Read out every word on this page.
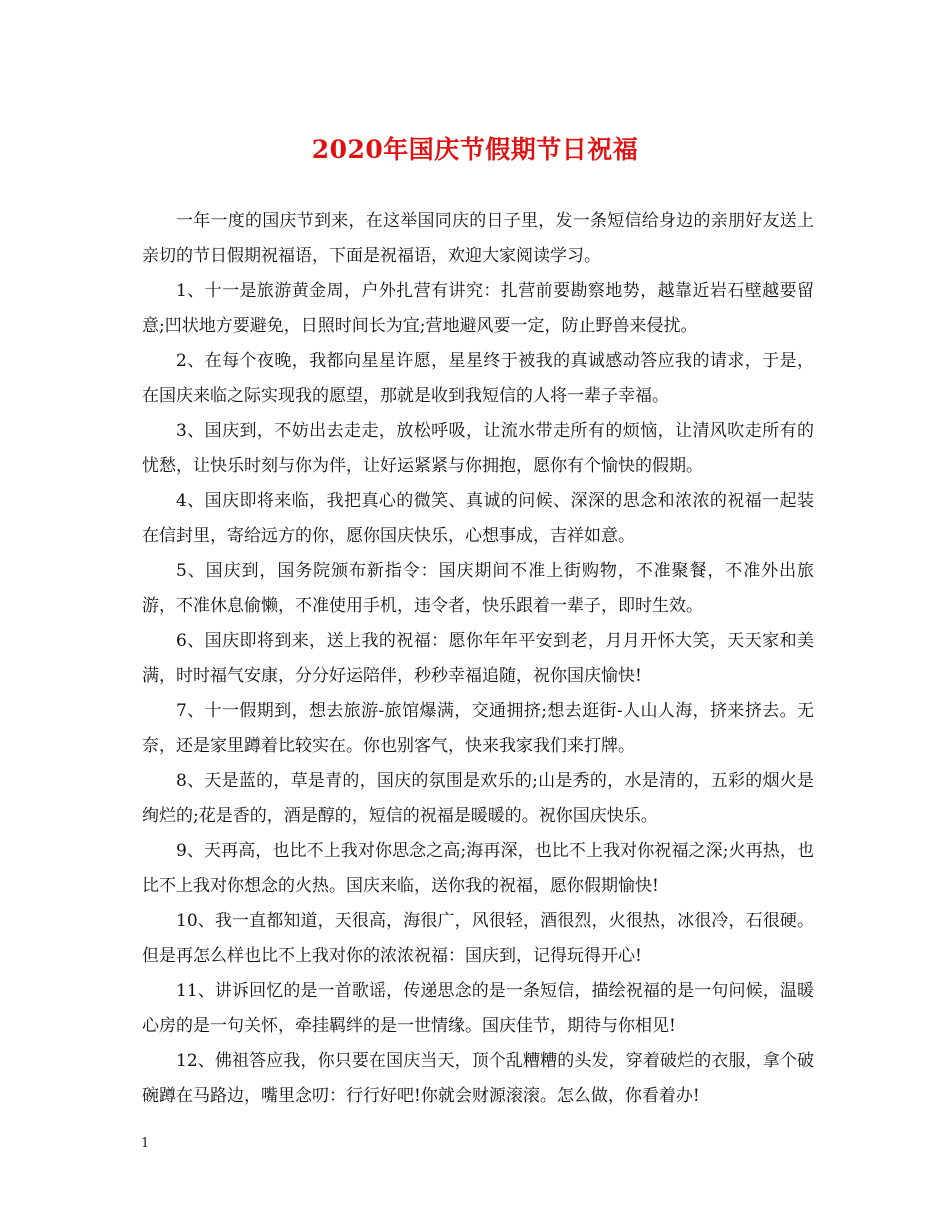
2020年国庆节假期节日祝福

一年一度的国庆节到来，在这举国同庆的日子里，发一条短信给身边的亲朋好友送上亲切的节日假期祝福语，下面是祝福语，欢迎大家阅读学习。

1、十一是旅游黄金周，户外扎营有讲究：扎营前要勘察地势，越靠近岩石壁越要留意;凹状地方要避免，日照时间长为宜;营地避风要一定，防止野兽来侵扰。

2、在每个夜晚，我都向星星许愿，星星终于被我的真诚感动答应我的请求，于是，在国庆来临之际实现我的愿望，那就是收到我短信的人将一辈子幸福。

3、国庆到，不妨出去走走，放松呼吸，让流水带走所有的烦恼，让清风吹走所有的忧愁，让快乐时刻与你为伴，让好运紧紧与你拥抱，愿你有个愉快的假期。

4、国庆即将来临，我把真心的微笑、真诚的问候、深深的思念和浓浓的祝福一起装在信封里，寄给远方的你，愿你国庆快乐，心想事成，吉祥如意。

5、国庆到，国务院颁布新指令：国庆期间不准上街购物，不准聚餐，不准外出旅游，不准休息偷懒，不准使用手机，违令者，快乐跟着一辈子，即时生效。

6、国庆即将到来，送上我的祝福：愿你年年平安到老，月月开怀大笑，天天家和美满，时时福气安康，分分好运陪伴，秒秒幸福追随，祝你国庆愉快!

7、十一假期到，想去旅游-旅馆爆满，交通拥挤;想去逛街-人山人海，挤来挤去。无奈，还是家里蹲着比较实在。你也别客气，快来我家我们来打牌。

8、天是蓝的，草是青的，国庆的氛围是欢乐的;山是秀的，水是清的，五彩的烟火是绚烂的;花是香的，酒是醇的，短信的祝福是暖暖的。祝你国庆快乐。

9、天再高，也比不上我对你思念之高;海再深，也比不上我对你祝福之深;火再热，也比不上我对你想念的火热。国庆来临，送你我的祝福，愿你假期愉快!

10、我一直都知道，天很高，海很广，风很轻，酒很烈，火很热，冰很冷，石很硬。但是再怎么样也比不上我对你的浓浓祝福：国庆到，记得玩得开心!

11、讲诉回忆的是一首歌谣，传递思念的是一条短信，描绘祝福的是一句问候，温暖心房的是一句关怀，牵挂羁绊的是一世情缘。国庆佳节，期待与你相见!

12、佛祖答应我，你只要在国庆当天，顶个乱糟糟的头发，穿着破烂的衣服，拿个破碗蹲在马路边，嘴里念叨：行行好吧!你就会财源滚滚。怎么做，你看着办!

1
